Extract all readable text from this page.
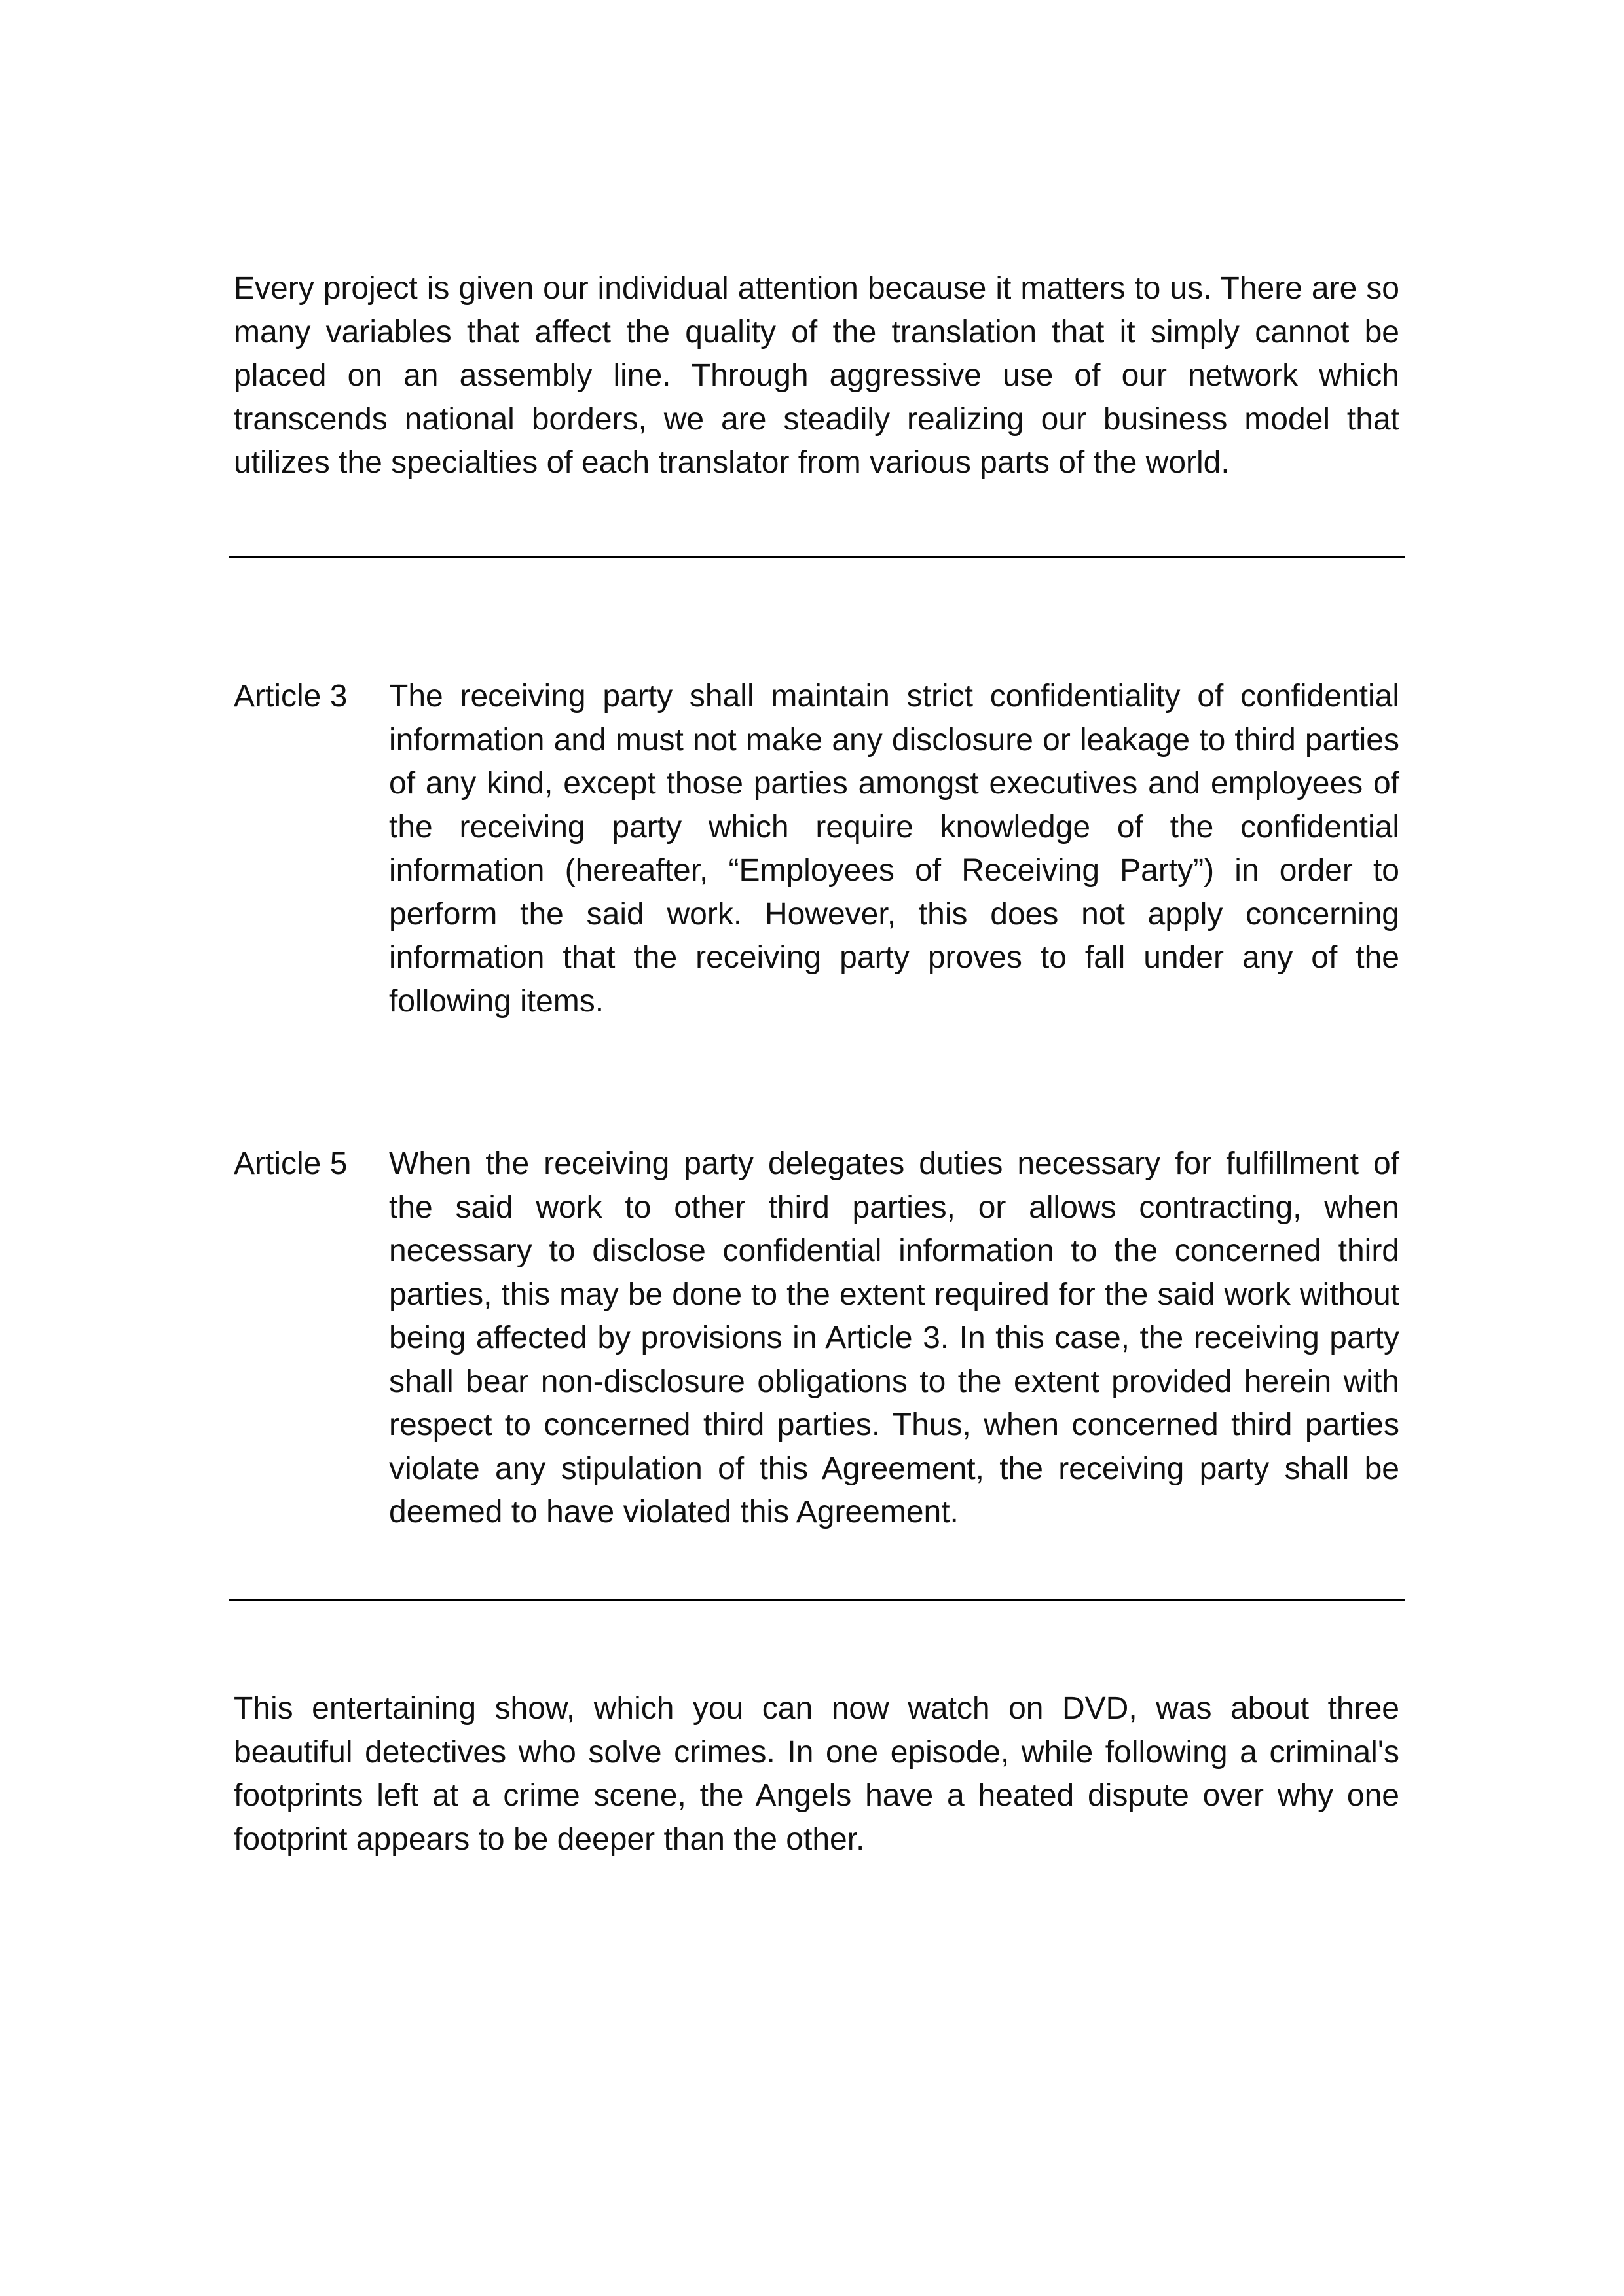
Every project is given our individual attention because it matters to us. There are so many variables that affect the quality of the translation that it simply cannot be placed on an assembly line. Through aggressive use of our network which transcends national borders, we are steadily realizing our business model that utilizes the specialties of each translator from various parts of the world.

Article 3 The receiving party shall maintain strict confidentiality of confidential information and must not make any disclosure or leakage to third parties of any kind, except those parties amongst executives and employees of the receiving party which require knowledge of the confidential information (hereafter, “Employees of Receiving Party”) in order to perform the said work. However, this does not apply concerning information that the receiving party proves to fall under any of the following items.

Article 5 When the receiving party delegates duties necessary for fulfillment of the said work to other third parties, or allows contracting, when necessary to disclose confidential information to the concerned third parties, this may be done to the extent required for the said work without being affected by provisions in Article 3. In this case, the receiving party shall bear non-disclosure obligations to the extent provided herein with respect to concerned third parties. Thus, when concerned third parties violate any stipulation of this Agreement, the receiving party shall be deemed to have violated this Agreement.

This entertaining show, which you can now watch on DVD, was about three beautiful detectives who solve crimes. In one episode, while following a criminal's footprints left at a crime scene, the Angels have a heated dispute over why one footprint appears to be deeper than the other.
